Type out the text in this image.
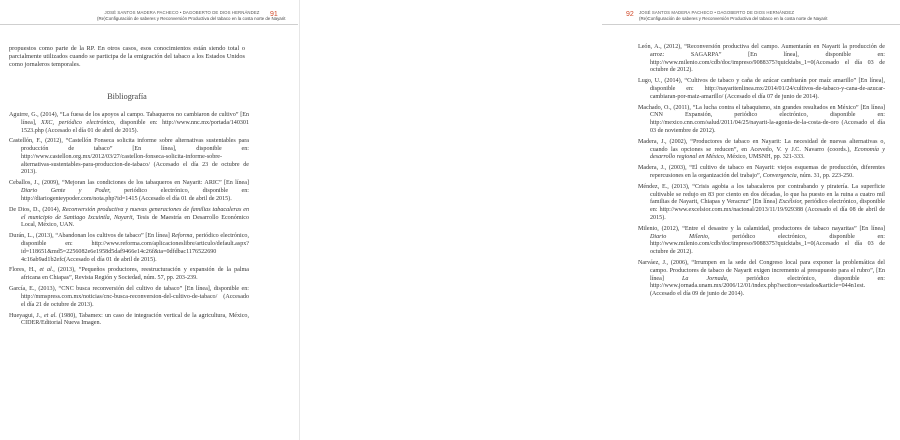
JOSÉ SANTOS MADERA PACHECO • DAGOBERTO DE DIOS HERNÁNDEZ
(Re)Configuración de saberes y Reconversión Productiva del tabaco en la costa norte de Nayarit
91
propuestos como parte de la RP. En otros casos, esos conocimientos están siendo total o parcialmente utilizados cuando se participa de la emigración del tabaco a los Estados Unidos como jornaleros temporales.
Bibliografía

Aguirre, G., (2014), “La fuesa de los apoyos al campo. Tabaqueros no cambiaron de cultivo” [En línea], XXC, periódico electrónico, disponible en: http://www.nnc.mx/portada/140301 1523.php (Accesado el día 01 de abril de 2015).

Castellón, F., (2012), “Castellón Fonseca solicita informe sobre alternativas sustentables para producción de tabaco” [En línea], disponible en: http://www.castellon.org.mx/2012/03/27/castellon-fonseca-solicita-informe-sobre-alternativas-sustentables-para-produccion-de-tabaco/ (Accesado el día 23 de octubre de 2013).

Ceballos, J., (2009), “Mejoran las condiciones de los tabaqueros en Nayarit: ARIC” [En línea] Diario Gente y Poder, periódico electrónico, disponible en: http://diariogenteypoder.com/nota.php?id=1415 (Accesado el día 01 de abril de 2015).

De Dios, D., (2014), Reconversión productiva y nuevas generaciones de familias tabacaleras en el municipio de Santiago Ixcuintla, Nayarit, Tesis de Maestría en Desarrollo Económico Local, México, UAN.

Durán, L., (2013), “Abandonan los cultivos de tabaco” [En línea] Reforma, periódico electrónico, disponible en: http://www.reforma.com/aplicacioneslibre/articulo/default.aspx?id=118651&md5=2256082e6e1958d5daf9466e14c26f&ta=0dfdbac1176522690 4c16ab9ad1b2efc(Accesado el día 01 de abril de 2015).

Flores, H., et al., (2013), “Pequeños productores, reestructuración y expansión de la palma africana en Chiapas”, Revista Región y Sociedad, núm. 57, pp. 203-239.

García, E., (2013), “CNC busca reconversión del cultivo de tabaco” [En línea], disponible en: http://mmspress.com.mx/noticias/cnc-busca-reconversion-del-cultivo-de-tabaco/ (Accesado el día 21 de octubre de 2013).

Hueyagui, J., et al. (1980), Tabamex: un caso de integración vertical de la agricultura, México, CIDER/Editorial Nueva Imagen.

92 JOSÉ SANTOS MADERA PACHECO • DAGOBERTO DE DIOS HERNÁNDEZ
(Re)Configuración de saberes y Reconversión Productiva del tabaco en la costa norte de Nayarit

León, A., (2012), “Reconversión productiva del campo. Aumentarán en Nayarit la producción de arroz: SAGARPA” [En línea], disponible en: http://www.milenio.com/cdb/doc/impreso/9088375?quicktabs_1=0(Accesado el día 03 de octubre de 2012).

Lugo, U., (2014), “Cultivos de tabaco y caña de azúcar cambiarán por maíz amarillo” [En línea], disponible en: http://nayaritenlinea.mx/2014/01/24/cultivos-de-tabaco-y-cana-de-azucar-cambiaran-por-maiz-amarillo/ (Accesado el día 07 de junio de 2014).

Machado, O., (2011), “La lucha contra el tabaquismo, sin grandes resultados en México” [En línea] CNN Expansión, periódico electrónico, disponible en: http://mexico.cnn.com/salud/2011/04/25/nayarit-la-agonia-de-la-costa-de-oro (Accesado el día 03 de noviembre de 2012).

Madera, J., (2002), “Productores de tabaco en Nayarit: La necesidad de nuevas alternativas o, cuando las opciones se reducen”, en Acevedo, V. y J.C. Navarro (coords.), Economía y desarrollo regional en México, México, UMSNH, pp. 321-333.

Madera, J., (2003), “El cultivo de tabaco en Nayarit: viejos esquemas de producción, diferentes repercusiones en la organización del trabajo”, Convergencia, núm. 31, pp. 223-250.

Méndez, E., (2013), “Crisis agobia a los tabacaleros por contrabando y piratería. La superficie cultivable se redujo en 83 por ciento en dos décadas, lo que ha puesto en la ruina a cuatro mil familias de Nayarit, Chiapas y Veracruz” [En línea] Excélsior, periódico electrónico, disponible en: http://www.excelsior.com.mx/nacional/2013/11/19/929388 (Accesado el día 08 de abril de 2015).

Milenio, (2012), “Entre el desastre y la calamidad, productores de tabaco nayaritas” [En línea] Diario Milenio, periódico electrónico, disponible en: http://www.milenio.com/cdb/doc/impreso/9088375?quicktabs_1=0(Accesado el día 03 de octubre de 2012).

Narváez, J., (2006), “Irrumpen en la sede del Congreso local para exponer la problemática del campo. Productores de tabaco de Nayarit exigen incremento al presupuesto para el rubro”, [En línea] La Jornada, periódico electrónico, disponible en: http://www.jornada.unam.mx/2006/12/01/index.php?section=estados&article=044n1est. (Accesado el día 09 de junio de 2014).
